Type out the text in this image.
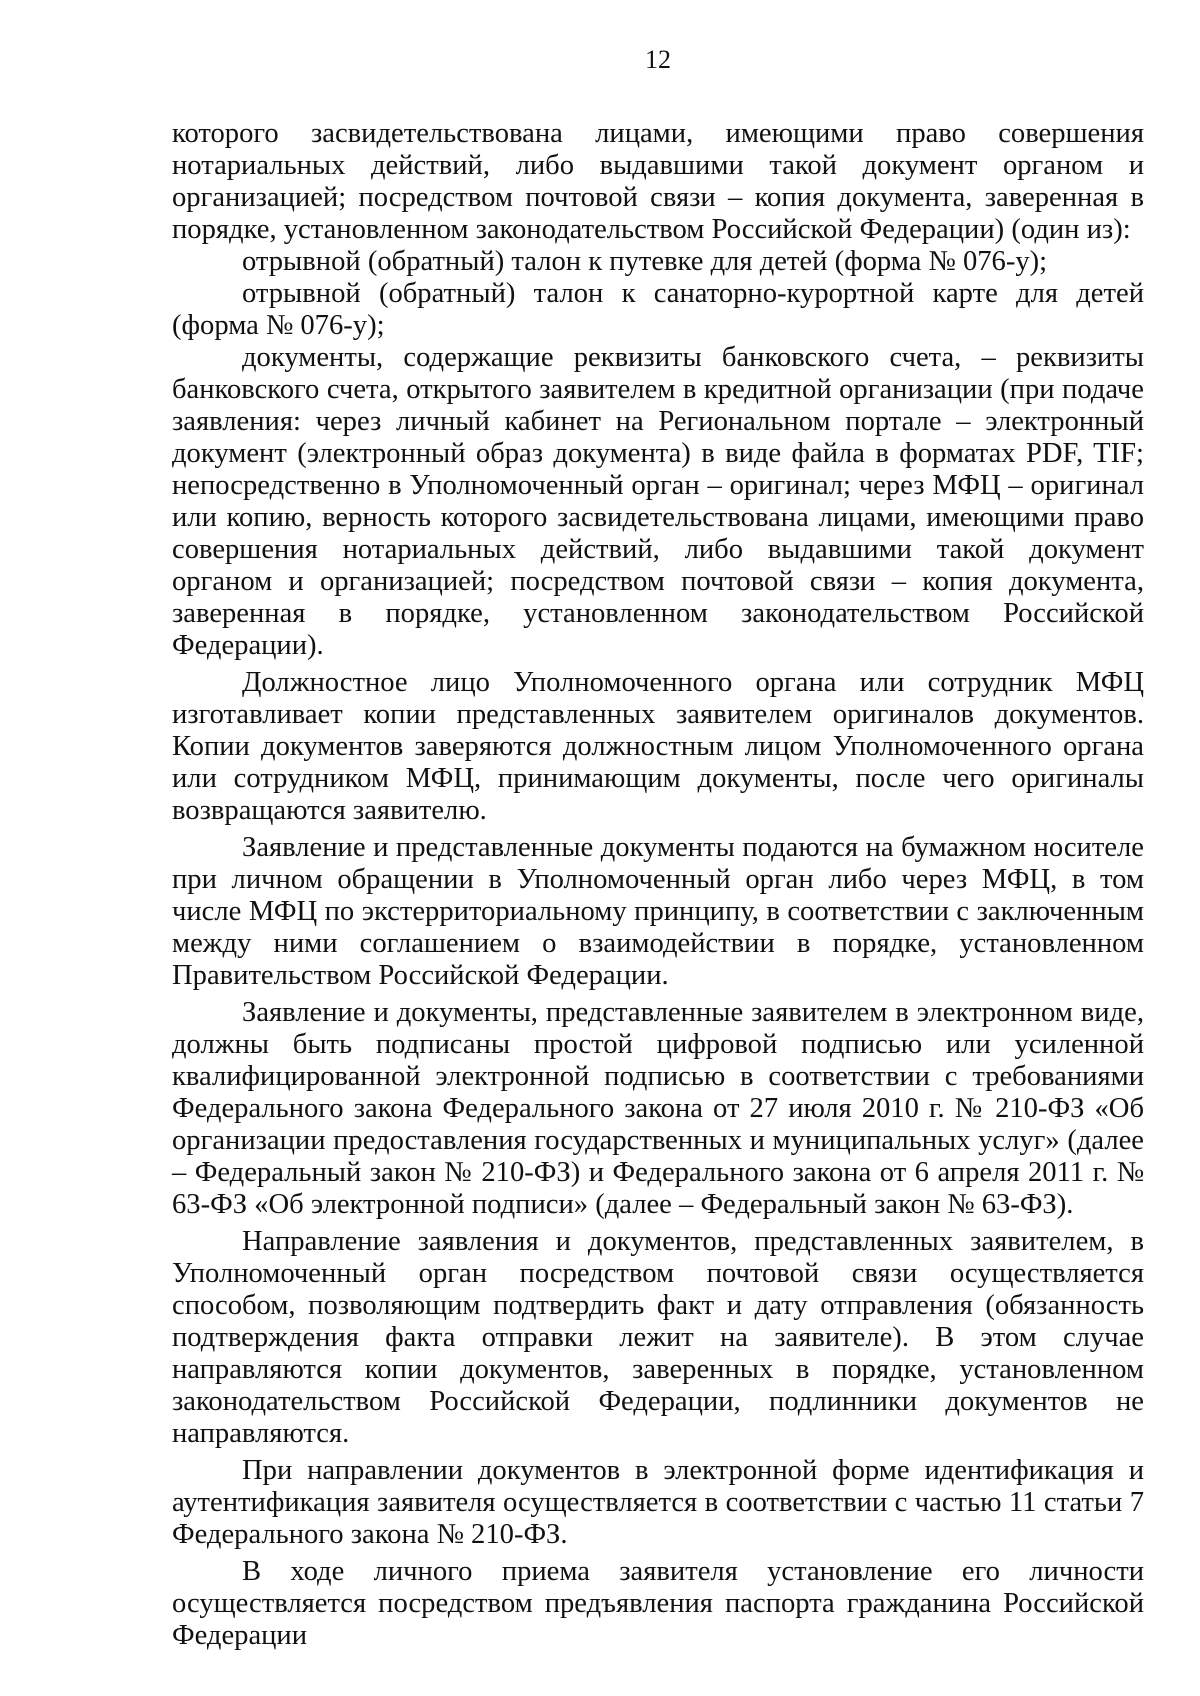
12

которого засвидетельствована лицами, имеющими право совершения нотариальных действий, либо выдавшими такой документ органом и организацией; посредством почтовой связи – копия документа, заверенная в порядке, установленном законодательством Российской Федерации) (один из):

отрывной (обратный) талон к путевке для детей (форма № 076-у);

отрывной (обратный) талон к санаторно-курортной карте для детей (форма № 076-у);

документы, содержащие реквизиты банковского счета, – реквизиты банковского счета, открытого заявителем в кредитной организации (при подаче заявления: через личный кабинет на Региональном портале – электронный документ (электронный образ документа) в виде файла в форматах PDF, TIF; непосредственно в Уполномоченный орган – оригинал; через МФЦ – оригинал или копию, верность которого засвидетельствована лицами, имеющими право совершения нотариальных действий, либо выдавшими такой документ органом и организацией; посредством почтовой связи – копия документа, заверенная в порядке, установленном законодательством Российской Федерации).

Должностное лицо Уполномоченного органа или сотрудник МФЦ изготавливает копии представленных заявителем оригиналов документов. Копии документов заверяются должностным лицом Уполномоченного органа или сотрудником МФЦ, принимающим документы, после чего оригиналы возвращаются заявителю.

Заявление и представленные документы подаются на бумажном носителе при личном обращении в Уполномоченный орган либо через МФЦ, в том числе МФЦ по экстерриториальному принципу, в соответствии с заключенным между ними соглашением о взаимодействии в порядке, установленном Правительством Российской Федерации.

Заявление и документы, представленные заявителем в электронном виде, должны быть подписаны простой цифровой подписью или усиленной квалифицированной электронной подписью в соответствии с требованиями Федерального закона Федерального закона от 27 июля 2010 г. № 210-ФЗ «Об организации предоставления государственных и муниципальных услуг» (далее – Федеральный закон № 210-ФЗ) и Федерального закона от 6 апреля 2011 г. № 63-ФЗ «Об электронной подписи» (далее – Федеральный закон № 63-ФЗ).

Направление заявления и документов, представленных заявителем, в Уполномоченный орган посредством почтовой связи осуществляется способом, позволяющим подтвердить факт и дату отправления (обязанность подтверждения факта отправки лежит на заявителе). В этом случае направляются копии документов, заверенных в порядке, установленном законодательством Российской Федерации, подлинники документов не направляются.

При направлении документов в электронной форме идентификация и аутентификация заявителя осуществляется в соответствии с частью 11 статьи 7 Федерального закона № 210-ФЗ.

В ходе личного приема заявителя установление его личности осуществляется посредством предъявления паспорта гражданина Российской Федерации
